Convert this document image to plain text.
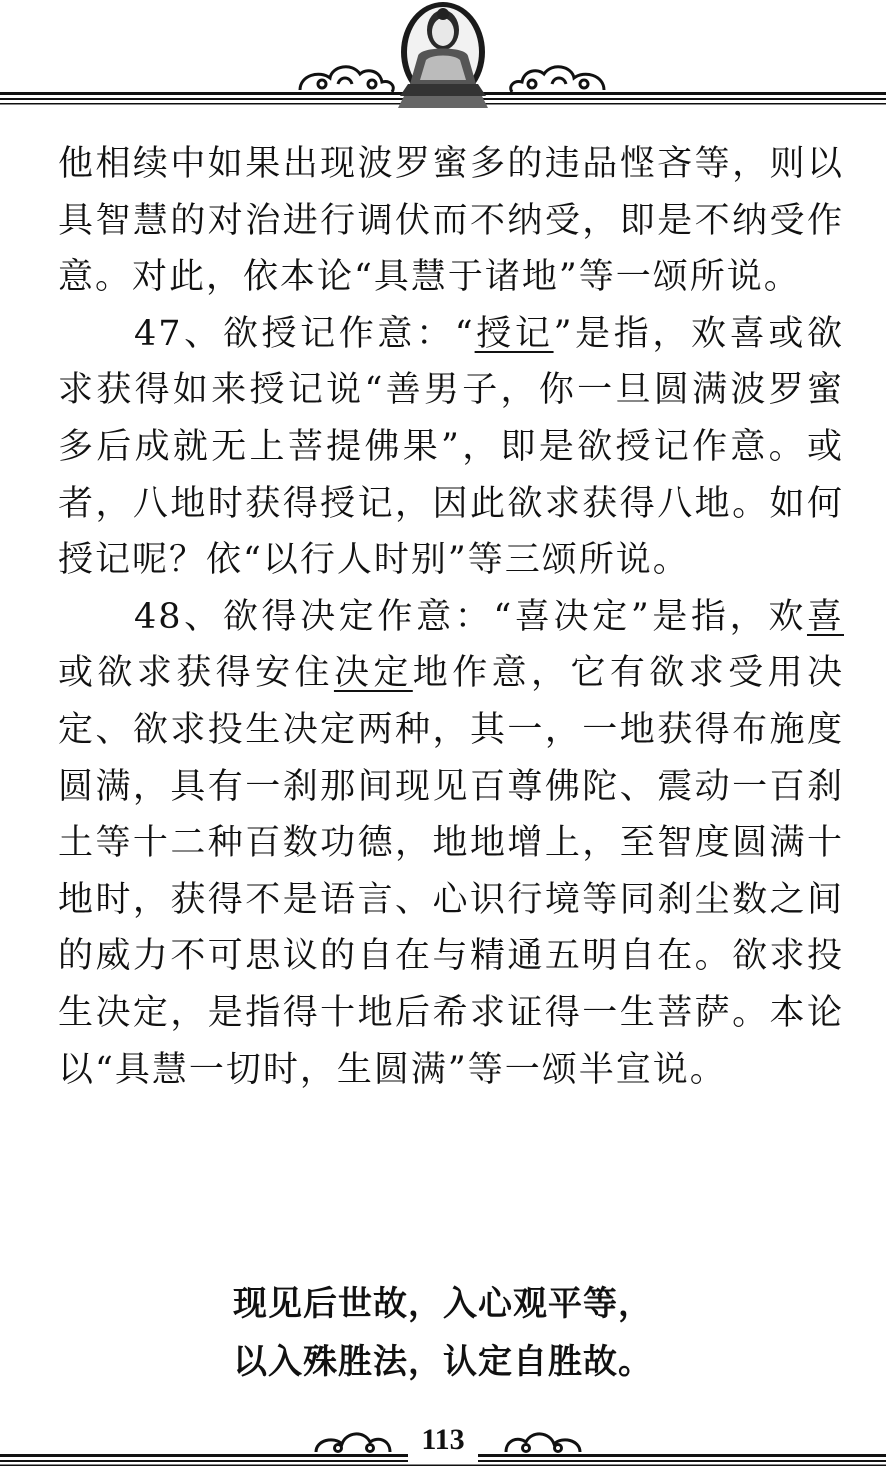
他相续中如果出现波罗蜜多的违品悭吝等，则以具智慧的对治进行调伏而不纳受，即是不纳受作意。对此，依本论“具慧于诸地”等一颂所说。

47、欲授记作意：“授记”是指，欢喜或欲求获得如来授记说“善男子，你一旦圆满波罗蜜多后成就无上菩提佛果”，即是欲授记作意。或者，八地时获得授记，因此欲求获得八地。如何授记呢？依“以行人时别”等三颂所说。

48、欲得决定作意：“喜决定”是指，欢喜或欲求获得安住决定地作意，它有欲求受用决定、欲求投生决定两种，其一，一地获得布施度圆满，具有一刹那间现见百尊佛陀、震动一百刹土等十二种百数功德，地地增上，至智度圆满十地时，获得不是语言、心识行境等同刹尘数之间的威力不可思议的自在与精通五明自在。欲求投生决定，是指得十地后希求证得一生菩萨。本论以“具慧一切时，生圆满”等一颂半宣说。

现见后世故，入心观平等，
以入殊胜法，认定自胜故。
113
